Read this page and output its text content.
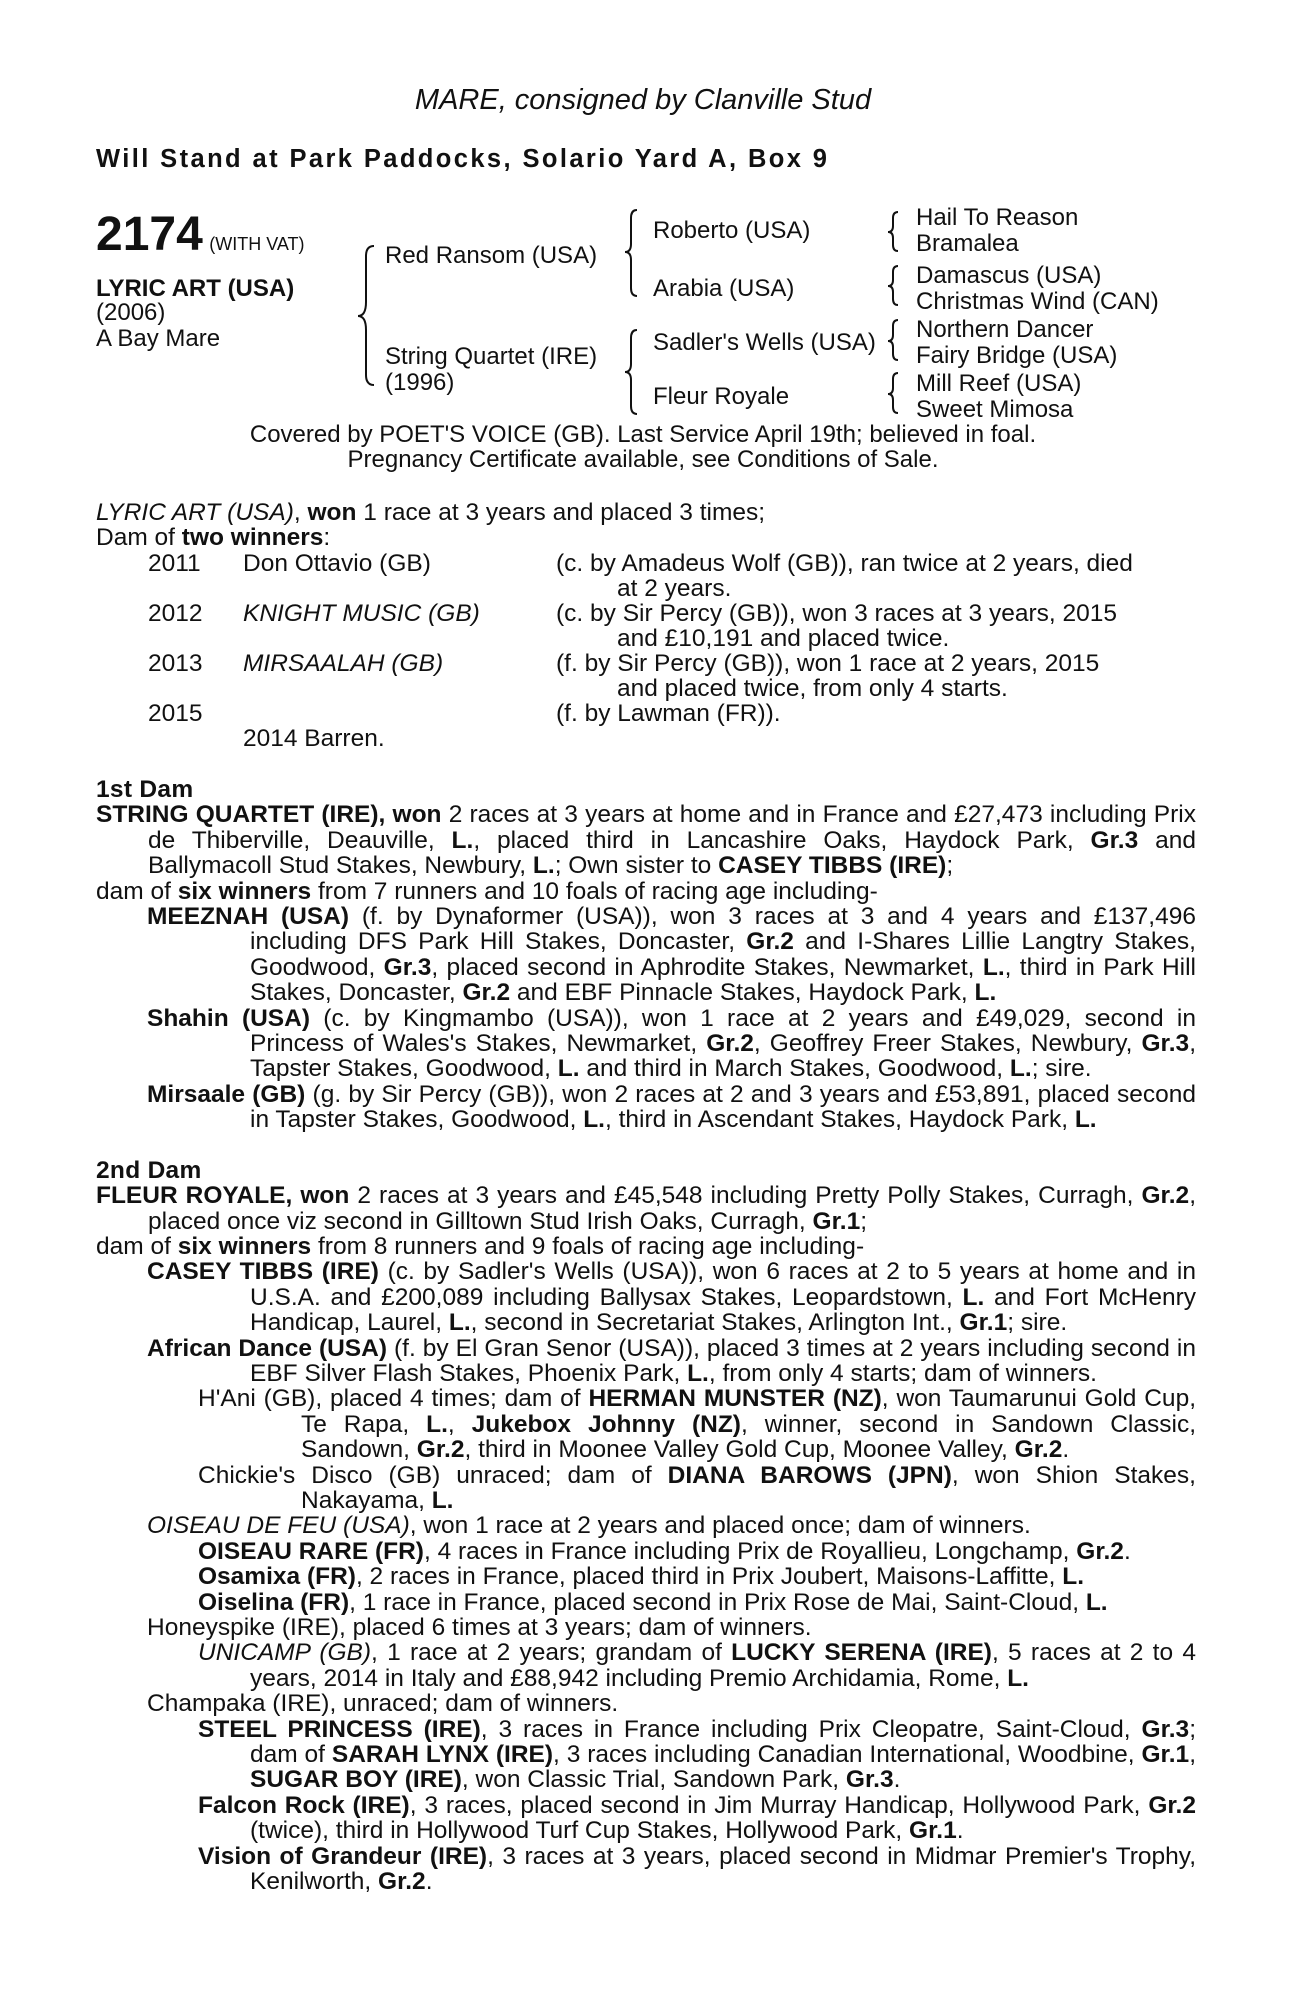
MARE, consigned by Clanville Stud
Will Stand at Park Paddocks, Solario Yard A, Box 9
2174 (WITH VAT)
LYRIC ART (USA)
(2006)
A Bay Mare
Red Ransom (USA)
String Quartet (IRE)
(1996)
Roberto (USA)
Arabia (USA)
Sadler's Wells (USA)
Fleur Royale
Hail To Reason
Bramalea
Damascus (USA)
Christmas Wind (CAN)
Northern Dancer
Fairy Bridge (USA)
Mill Reef (USA)
Sweet Mimosa
Covered by POET'S VOICE (GB). Last Service April 19th; believed in foal.
Pregnancy Certificate available, see Conditions of Sale.
LYRIC ART (USA), won 1 race at 3 years and placed 3 times;
Dam of two winners:
2011 Don Ottavio (GB)	(c. by Amadeus Wolf (GB)), ran twice at 2 years, died
at 2 years.
2012 KNIGHT MUSIC (GB)	(c. by Sir Percy (GB)), won 3 races at 3 years, 2015
and £10,191 and placed twice.
2013 MIRSAALAH (GB)	(f. by Sir Percy (GB)), won 1 race at 2 years, 2015
and placed twice, from only 4 starts.
2015	(f. by Lawman (FR)).
2014 Barren.

1st Dam

STRING QUARTET (IRE), won 2 races at 3 years at home and in France and £27,473 including Prix de Thiberville, Deauville, L., placed third in Lancashire Oaks, Haydock Park, Gr.3 and Ballymacoll Stud Stakes, Newbury, L.; Own sister to CASEY TIBBS (IRE);

dam of six winners from 7 runners and 10 foals of racing age including-

MEEZNAH (USA) (f. by Dynaformer (USA)), won 3 races at 3 and 4 years and £137,496 including DFS Park Hill Stakes, Doncaster, Gr.2 and I-Shares Lillie Langtry Stakes, Goodwood, Gr.3, placed second in Aphrodite Stakes, Newmarket, L., third in Park Hill Stakes, Doncaster, Gr.2 and EBF Pinnacle Stakes, Haydock Park, L.

Shahin (USA) (c. by Kingmambo (USA)), won 1 race at 2 years and £49,029, second in Princess of Wales's Stakes, Newmarket, Gr.2, Geoffrey Freer Stakes, Newbury, Gr.3, Tapster Stakes, Goodwood, L. and third in March Stakes, Goodwood, L.; sire.

Mirsaale (GB) (g. by Sir Percy (GB)), won 2 races at 2 and 3 years and £53,891, placed second in Tapster Stakes, Goodwood, L., third in Ascendant Stakes, Haydock Park, L.

2nd Dam

FLEUR ROYALE, won 2 races at 3 years and £45,548 including Pretty Polly Stakes, Curragh, Gr.2, placed once viz second in Gilltown Stud Irish Oaks, Curragh, Gr.1;

dam of six winners from 8 runners and 9 foals of racing age including-

CASEY TIBBS (IRE) (c. by Sadler's Wells (USA)), won 6 races at 2 to 5 years at home and in U.S.A. and £200,089 including Ballysax Stakes, Leopardstown, L. and Fort McHenry Handicap, Laurel, L., second in Secretariat Stakes, Arlington Int., Gr.1; sire.

African Dance (USA) (f. by El Gran Senor (USA)), placed 3 times at 2 years including second in EBF Silver Flash Stakes, Phoenix Park, L., from only 4 starts; dam of winners.

H'Ani (GB), placed 4 times; dam of HERMAN MUNSTER (NZ), won Taumarunui Gold Cup, Te Rapa, L., Jukebox Johnny (NZ), winner, second in Sandown Classic, Sandown, Gr.2, third in Moonee Valley Gold Cup, Moonee Valley, Gr.2.

Chickie's Disco (GB) unraced; dam of DIANA BAROWS (JPN), won Shion Stakes, Nakayama, L.

OISEAU DE FEU (USA), won 1 race at 2 years and placed once; dam of winners.

OISEAU RARE (FR), 4 races in France including Prix de Royallieu, Longchamp, Gr.2.

Osamixa (FR), 2 races in France, placed third in Prix Joubert, Maisons-Laffitte, L.

Oiselina (FR), 1 race in France, placed second in Prix Rose de Mai, Saint-Cloud, L.

Honeyspike (IRE), placed 6 times at 3 years; dam of winners.

UNICAMP (GB), 1 race at 2 years; grandam of LUCKY SERENA (IRE), 5 races at 2 to 4 years, 2014 in Italy and £88,942 including Premio Archidamia, Rome, L.

Champaka (IRE), unraced; dam of winners.

STEEL PRINCESS (IRE), 3 races in France including Prix Cleopatre, Saint-Cloud, Gr.3; dam of SARAH LYNX (IRE), 3 races including Canadian International, Woodbine, Gr.1, SUGAR BOY (IRE), won Classic Trial, Sandown Park, Gr.3.

Falcon Rock (IRE), 3 races, placed second in Jim Murray Handicap, Hollywood Park, Gr.2 (twice), third in Hollywood Turf Cup Stakes, Hollywood Park, Gr.1.

Vision of Grandeur (IRE), 3 races at 3 years, placed second in Midmar Premier's Trophy, Kenilworth, Gr.2.
